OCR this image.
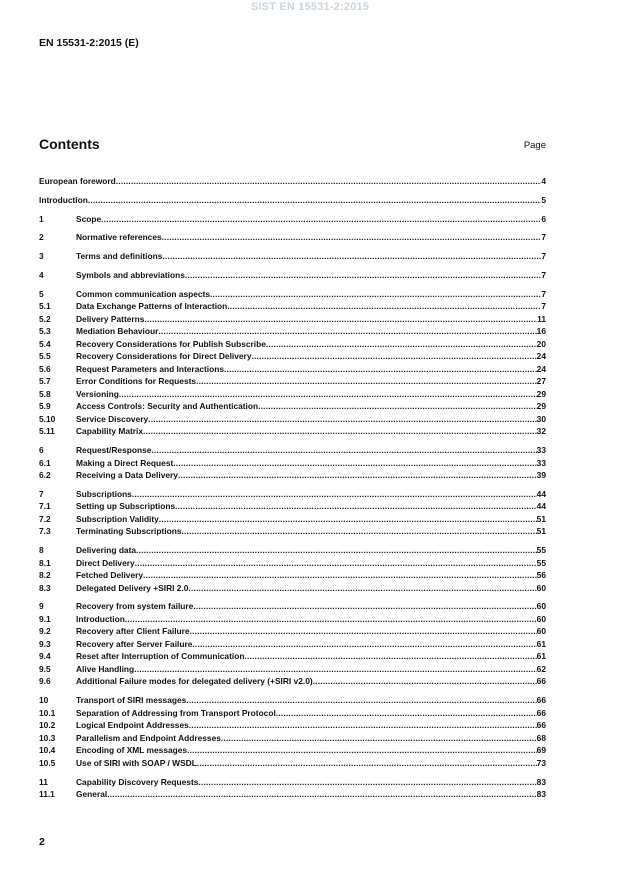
SIST EN 15531-2:2015
EN 15531-2:2015 (E)
Contents	Page
European foreword .....	4
Introduction .....	5
1	Scope .....	6
2	Normative references .....	7
3	Terms and definitions .....	7
4	Symbols and abbreviations .....	7
5	Common communication aspects .....	7
5.1	Data Exchange Patterns of Interaction .....	7
5.2	Delivery Patterns .....	11
5.3	Mediation Behaviour .....	16
5.4	Recovery Considerations for Publish Subscribe .....	20
5.5	Recovery Considerations for Direct Delivery .....	24
5.6	Request Parameters and Interactions .....	24
5.7	Error Conditions for Requests .....	27
5.8	Versioning .....	29
5.9	Access Controls: Security and Authentication .....	29
5.10	Service Discovery .....	30
5.11	Capability Matrix .....	32
6	Request/Response .....	33
6.1	Making a Direct Request .....	33
6.2	Receiving a Data Delivery .....	39
7	Subscriptions .....	44
7.1	Setting up Subscriptions .....	44
7.2	Subscription Validity .....	51
7.3	Terminating Subscriptions .....	51
8	Delivering data .....	55
8.1	Direct Delivery .....	55
8.2	Fetched Delivery .....	56
8.3	Delegated Delivery +SIRI 2.0 .....	60
9	Recovery from system failure .....	60
9.1	Introduction .....	60
9.2	Recovery after Client Failure .....	60
9.3	Recovery after Server Failure .....	61
9.4	Reset after Interruption of Communication .....	61
9.5	Alive Handling .....	62
9.6	Additional Failure modes for delegated delivery (+SIRI v2.0) .....	66
10	Transport of SIRI messages .....	66
10.1	Separation of Addressing from Transport Protocol .....	66
10.2	Logical Endpoint Addresses .....	66
10.3	Parallelism and Endpoint Addresses .....	68
10.4	Encoding of XML messages .....	69
10.5	Use of SIRI with SOAP / WSDL .....	73
11	Capability Discovery Requests .....	83
11.1	General .....	83
2
